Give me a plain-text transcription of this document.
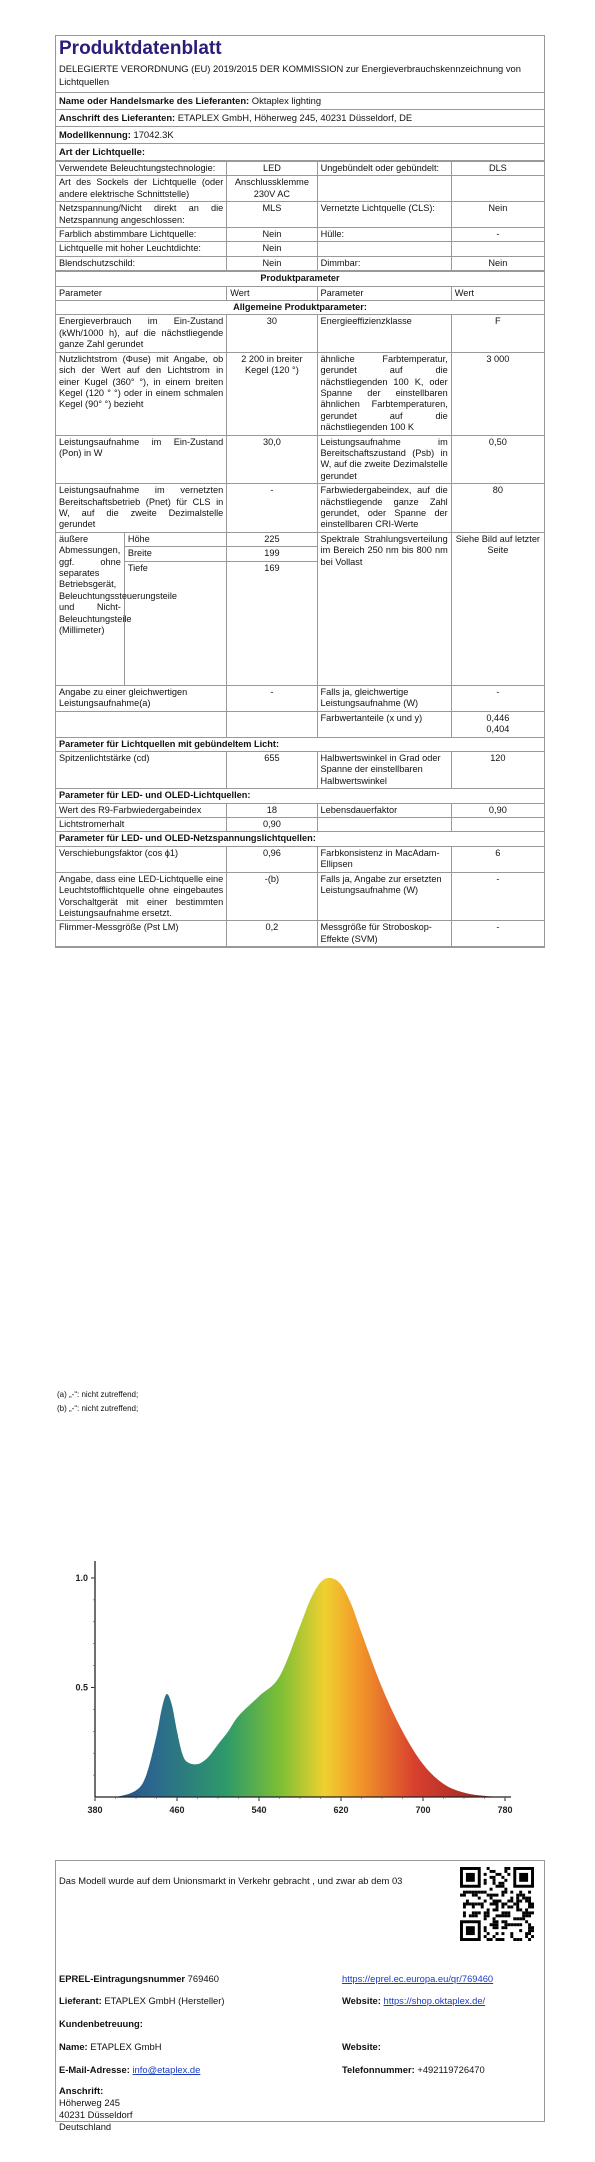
Produktdatenblatt
DELEGIERTE VERORDNUNG (EU) 2019/2015 DER KOMMISSION zur Energieverbrauchskennzeichnung von Lichtquellen
Name oder Handelsmarke des Lieferanten: Oktaplex lighting
Anschrift des Lieferanten: ETAPLEX GmbH, Höherweg 245, 40231 Düsseldorf, DE
Modellkennung: 17042.3K
Art der Lichtquelle:
Verwendete Beleuchtungstechnologie:	LED	Ungebündelt oder gebündelt:	DLS
Art des Sockels der Lichtquelle (oder andere elektrische Schnittstelle)	Anschlussklemme 230V AC		
Netzspannung/Nicht direkt an die Netzspannung angeschlossen:	MLS	Vernetzte Lichtquelle (CLS):	Nein
Farblich abstimmbare Lichtquelle:	Nein	Hülle:	-
Lichtquelle mit hoher Leuchtdichte:	Nein		
Blendschutzschild:	Nein	Dimmbar:	Nein
Produktparameter				
Parameter		Wert	Parameter	Wert
Allgemeine Produktparameter:				
Energieverbrauch im Ein-Zustand (kWh/1000 h), auf die nächstliegende ganze Zahl gerundet		30	Energieeffizienzklasse	F
Nutzlichtstrom (Φuse) mit Angabe, ob sich der Wert auf den Lichtstrom in einer Kugel (360° °), in einem breiten Kegel (120 ° °) oder in einem schmalen Kegel (90° °) bezieht		2 200 in breiter Kegel (120 °)	ähnliche Farbtemperatur, gerundet auf die nächstliegenden 100 K, oder Spanne der einstellbaren ähnlichen Farbtemperaturen, gerundet auf die nächstliegenden 100 K	3 000
Leistungsaufnahme im Ein-Zustand (Pon) in W		30,0	Leistungsaufnahme im Bereitschaftszustand (Psb) in W, auf die zweite Dezimalstelle gerundet	0,50
Leistungsaufnahme im vernetzten Bereitschaftsbetrieb (Pnet) für CLS in W, auf die zweite Dezimalstelle gerundet		-	Farbwiedergabeindex, auf die nächstliegende ganze Zahl gerundet, oder Spanne der einstellbaren CRI-Werte	80
äußere Abmessungen, ggf. ohne separates Betriebsgerät, Beleuchtungssteuerungsteile und Nicht-Beleuchtungsteile (Millimeter)	Höhe	225	Spektrale Strahlungsverteilung im Bereich 250 nm bis 800 nm bei Vollast	Siehe Bild auf letzter Seite
	Breite	199		
	Tiefe	169		

Angabe zu einer gleichwertigen Leistungsaufnahme(a)		-	Falls ja, gleichwertige Leistungsaufnahme (W)	-
			Farbwertanteile (x und y)	0,446
0,404

Parameter für Lichtquellen mit gebündeltem Licht:				
Spitzenlichtstärke (cd)		655	Halbwertswinkel in Grad oder Spanne der einstellbaren Halbwertswinkel	120
Parameter für LED- und OLED-Lichtquellen:				
Wert des R9-Farbwiedergabeindex		18	Lebensdauerfaktor	0,90
Lichtstromerhalt		0,90		
Parameter für LED- und OLED-Netzspannungslichtquellen:				
Verschiebungsfaktor (cos ϕ1)		0,96	Farbkonsistenz in MacAdam-Ellipsen	6
Angabe, dass eine LED-Lichtquelle eine Leuchtstofflichtquelle ohne eingebautes Vorschaltgerät mit einer bestimmten Leistungsaufnahme ersetzt.		-(b)	Falls ja, Angabe zur ersetzten Leistungsaufnahme (W)	-
Flimmer-Messgröße (Pst LM)		0,2	Messgröße für Stroboskop-Effekte (SVM)	-
(a) „-“: nicht zutreffend;
(b) „-“: nicht zutreffend;
380	460	540	620	700	780
0.5
1.0
Das Modell wurde auf dem Unionsmarkt in Verkehr gebracht , und zwar ab dem 03
EPREL-Eintragungsnummer 769460	https://eprel.ec.europa.eu/qr/769460
Lieferant: ETAPLEX GmbH (Hersteller)	Website: https://shop.oktaplex.de/
Kundenbetreuung:
Name: ETAPLEX GmbH	Website:
E-Mail-Adresse: info@etaplex.de	Telefonnummer: +492119726470
Anschrift:
Höherweg 245
40231 Düsseldorf
Deutschland
